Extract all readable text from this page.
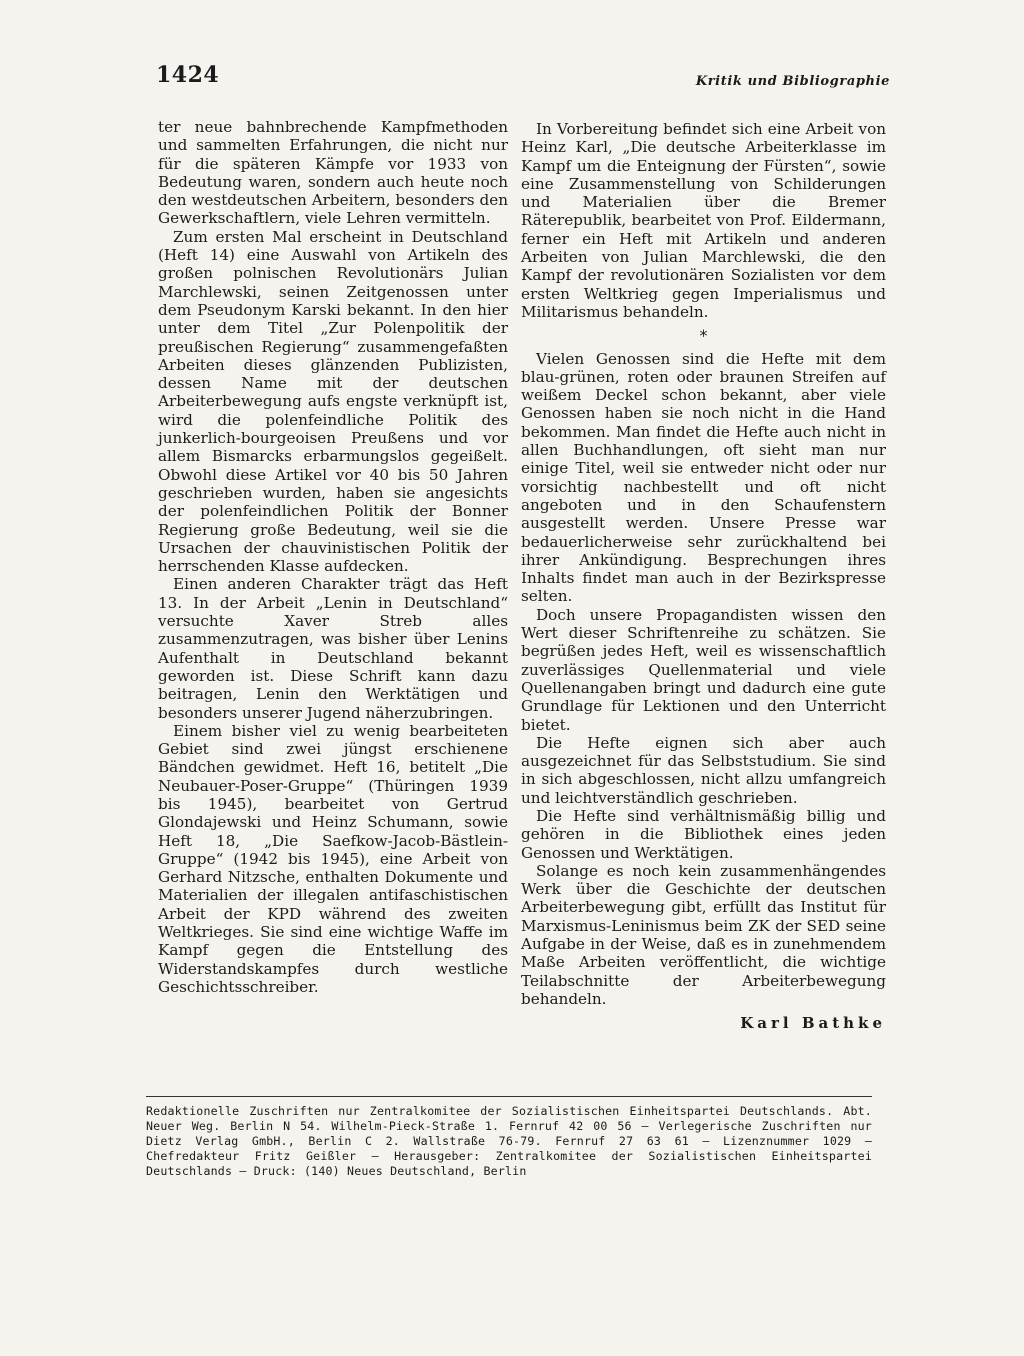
1424	Kritik und Bibliographie

ter neue bahnbrechende Kampfmethoden und sammelten Erfahrungen, die nicht nur für die späteren Kämpfe vor 1933 von Bedeutung waren, sondern auch heute noch den westdeutschen Arbeitern, besonders den Gewerkschaftlern, viele Lehren vermitteln.

Zum ersten Mal erscheint in Deutschland (Heft 14) eine Auswahl von Artikeln des großen polnischen Revolutionärs Julian Marchlewski, seinen Zeitgenossen unter dem Pseudonym Karski bekannt. In den hier unter dem Titel „Zur Polenpolitik der preußischen Regierung“ zusammengefaßten Arbeiten dieses glänzenden Publizisten, dessen Name mit der deutschen Arbeiterbewegung aufs engste verknüpft ist, wird die polenfeindliche Politik des junkerlich-bourgeoisen Preußens und vor allem Bismarcks erbarmungslos gegeißelt. Obwohl diese Artikel vor 40 bis 50 Jahren geschrieben wurden, haben sie angesichts der polenfeindlichen Politik der Bonner Regierung große Bedeutung, weil sie die Ursachen der chauvinistischen Politik der herrschenden Klasse aufdecken.

Einen anderen Charakter trägt das Heft 13. In der Arbeit „Lenin in Deutschland“ versuchte Xaver Streb alles zusammenzutragen, was bisher über Lenins Aufenthalt in Deutschland bekannt geworden ist. Diese Schrift kann dazu beitragen, Lenin den Werktätigen und besonders unserer Jugend näherzubringen.

Einem bisher viel zu wenig bearbeiteten Gebiet sind zwei jüngst erschienene Bändchen gewidmet. Heft 16, betitelt „Die Neubauer-Poser-Gruppe“ (Thüringen 1939 bis 1945), bearbeitet von Gertrud Glondajewski und Heinz Schumann, sowie Heft 18, „Die Saefkow-Jacob-Bästlein-Gruppe“ (1942 bis 1945), eine Arbeit von Gerhard Nitzsche, enthalten Dokumente und Materialien der illegalen antifaschistischen Arbeit der KPD während des zweiten Weltkrieges. Sie sind eine wichtige Waffe im Kampf gegen die Entstellung des Widerstandskampfes durch westliche Geschichtsschreiber.

In Vorbereitung befindet sich eine Arbeit von Heinz Karl, „Die deutsche Arbeiterklasse im Kampf um die Enteignung der Fürsten“, sowie eine Zusammenstellung von Schilderungen und Materialien über die Bremer Räterepublik, bearbeitet von Prof. Eildermann, ferner ein Heft mit Artikeln und anderen Arbeiten von Julian Marchlewski, die den Kampf der revolutionären Sozialisten vor dem ersten Weltkrieg gegen Imperialismus und Militarismus behandeln.

*

Vielen Genossen sind die Hefte mit dem blau-grünen, roten oder braunen Streifen auf weißem Deckel schon bekannt, aber viele Genossen haben sie noch nicht in die Hand bekommen. Man findet die Hefte auch nicht in allen Buchhandlungen, oft sieht man nur einige Titel, weil sie entweder nicht oder nur vorsichtig nachbestellt und oft nicht angeboten und in den Schaufenstern ausgestellt werden. Unsere Presse war bedauerlicherweise sehr zurückhaltend bei ihrer Ankündigung. Besprechungen ihres Inhalts findet man auch in der Bezirkspresse selten.

Doch unsere Propagandisten wissen den Wert dieser Schriftenreihe zu schätzen. Sie begrüßen jedes Heft, weil es wissenschaftlich zuverlässiges Quellenmaterial und viele Quellenangaben bringt und dadurch eine gute Grundlage für Lektionen und den Unterricht bietet.

Die Hefte eignen sich aber auch ausgezeichnet für das Selbststudium. Sie sind in sich abgeschlossen, nicht allzu umfangreich und leichtverständlich geschrieben.

Die Hefte sind verhältnismäßig billig und gehören in die Bibliothek eines jeden Genossen und Werktätigen.

Solange es noch kein zusammenhängendes Werk über die Geschichte der deutschen Arbeiterbewegung gibt, erfüllt das Institut für Marxismus-Leninismus beim ZK der SED seine Aufgabe in der Weise, daß es in zunehmendem Maße Arbeiten veröffentlicht, die wichtige Teilabschnitte der Arbeiterbewegung behandeln.

Karl Bathke
Redaktionelle Zuschriften nur Zentralkomitee der Sozialistischen Einheitspartei Deutschlands. Abt. Neuer Weg. Berlin N 54. Wilhelm-Pieck-Straße 1. Fernruf 42 00 56 – Verlegerische Zuschriften nur Dietz Verlag GmbH., Berlin C 2. Wallstraße 76-79. Fernruf 27 63 61 – Lizenznummer 1029 – Chefredakteur Fritz Geißler – Herausgeber: Zentralkomitee der Sozialistischen Einheitspartei Deutschlands – Druck: (140) Neues Deutschland, Berlin
